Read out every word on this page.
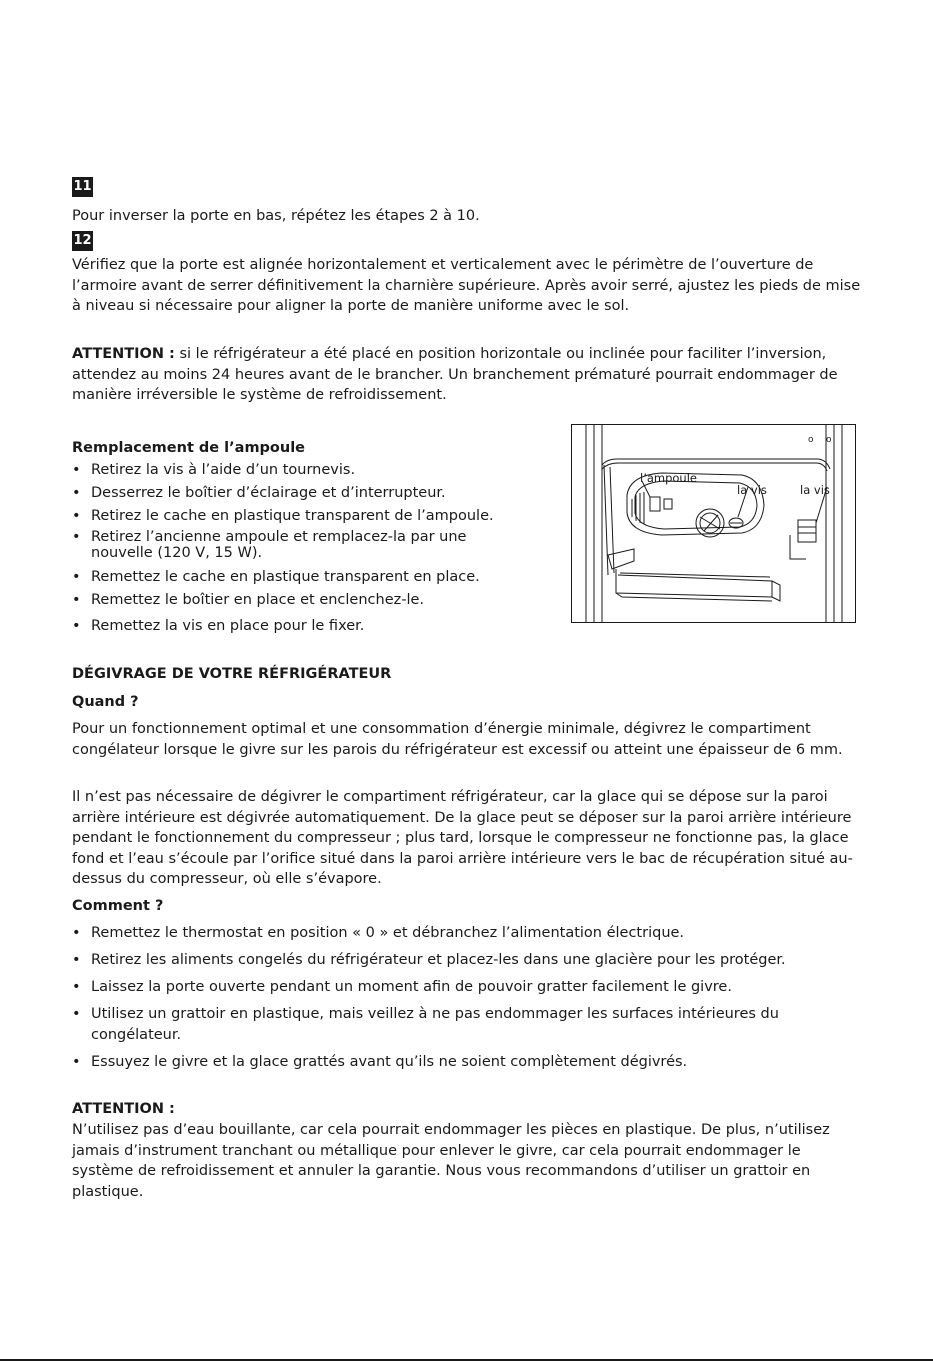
11

Pour inverser la porte en bas, répétez les étapes 2 à 10.

12

Vérifiez que la porte est alignée horizontalement et verticalement avec le périmètre de l’ouverture de l’armoire avant de serrer définitivement la charnière supérieure. Après avoir serré, ajustez les pieds de mise à niveau si nécessaire pour aligner la porte de manière uniforme avec le sol.

ATTENTION : si le réfrigérateur a été placé en position horizontale ou inclinée pour faciliter l’inversion, attendez au moins 24 heures avant de le brancher. Un branchement prématuré pourrait endommager de manière irréversible le système de refroidissement.

Remplacement de l’ampoule

• Retirez la vis à l’aide d’un tournevis.
• Desserrez le boîtier d’éclairage et d’interrupteur.
• Retirez le cache en plastique transparent de l’ampoule.
• Retirez l’ancienne ampoule et remplacez-la par une nouvelle (120 V, 15 W).
• Remettez le cache en plastique transparent en place.
• Remettez le boîtier en place et enclenchez-le.
• Remettez la vis en place pour le fixer.

DÉGIVRAGE DE VOTRE RÉFRIGÉRATEUR

Quand ?

Pour un fonctionnement optimal et une consommation d’énergie minimale, dégivrez le compartiment congélateur lorsque le givre sur les parois du réfrigérateur est excessif ou atteint une épaisseur de 6 mm.

Il n’est pas nécessaire de dégivrer le compartiment réfrigérateur, car la glace qui se dépose sur la paroi arrière intérieure est dégivrée automatiquement. De la glace peut se déposer sur la paroi arrière intérieure pendant le fonctionnement du compresseur ; plus tard, lorsque le compresseur ne fonctionne pas, la glace fond et l’eau s’écoule par l’orifice situé dans la paroi arrière intérieure vers le bac de récupération situé au-dessus du compresseur, où elle s’évapore.

Comment ?

• Remettez le thermostat en position « 0 » et débranchez l’alimentation électrique.
• Retirez les aliments congelés du réfrigérateur et placez-les dans une glacière pour les protéger.
• Laissez la porte ouverte pendant un moment afin de pouvoir gratter facilement le givre.
• Utilisez un grattoir en plastique, mais veillez à ne pas endommager les surfaces intérieures du congélateur.
• Essuyez le givre et la glace grattés avant qu’ils ne soient complètement dégivrés.

ATTENTION :

N’utilisez pas d’eau bouillante, car cela pourrait endommager les pièces en plastique. De plus, n’utilisez jamais d’instrument tranchant ou métallique pour enlever le givre, car cela pourrait endommager le système de refroidissement et annuler la garantie. Nous vous recommandons d’utiliser un grattoir en plastique.

l’ampoule
la vis	la vis
o o
